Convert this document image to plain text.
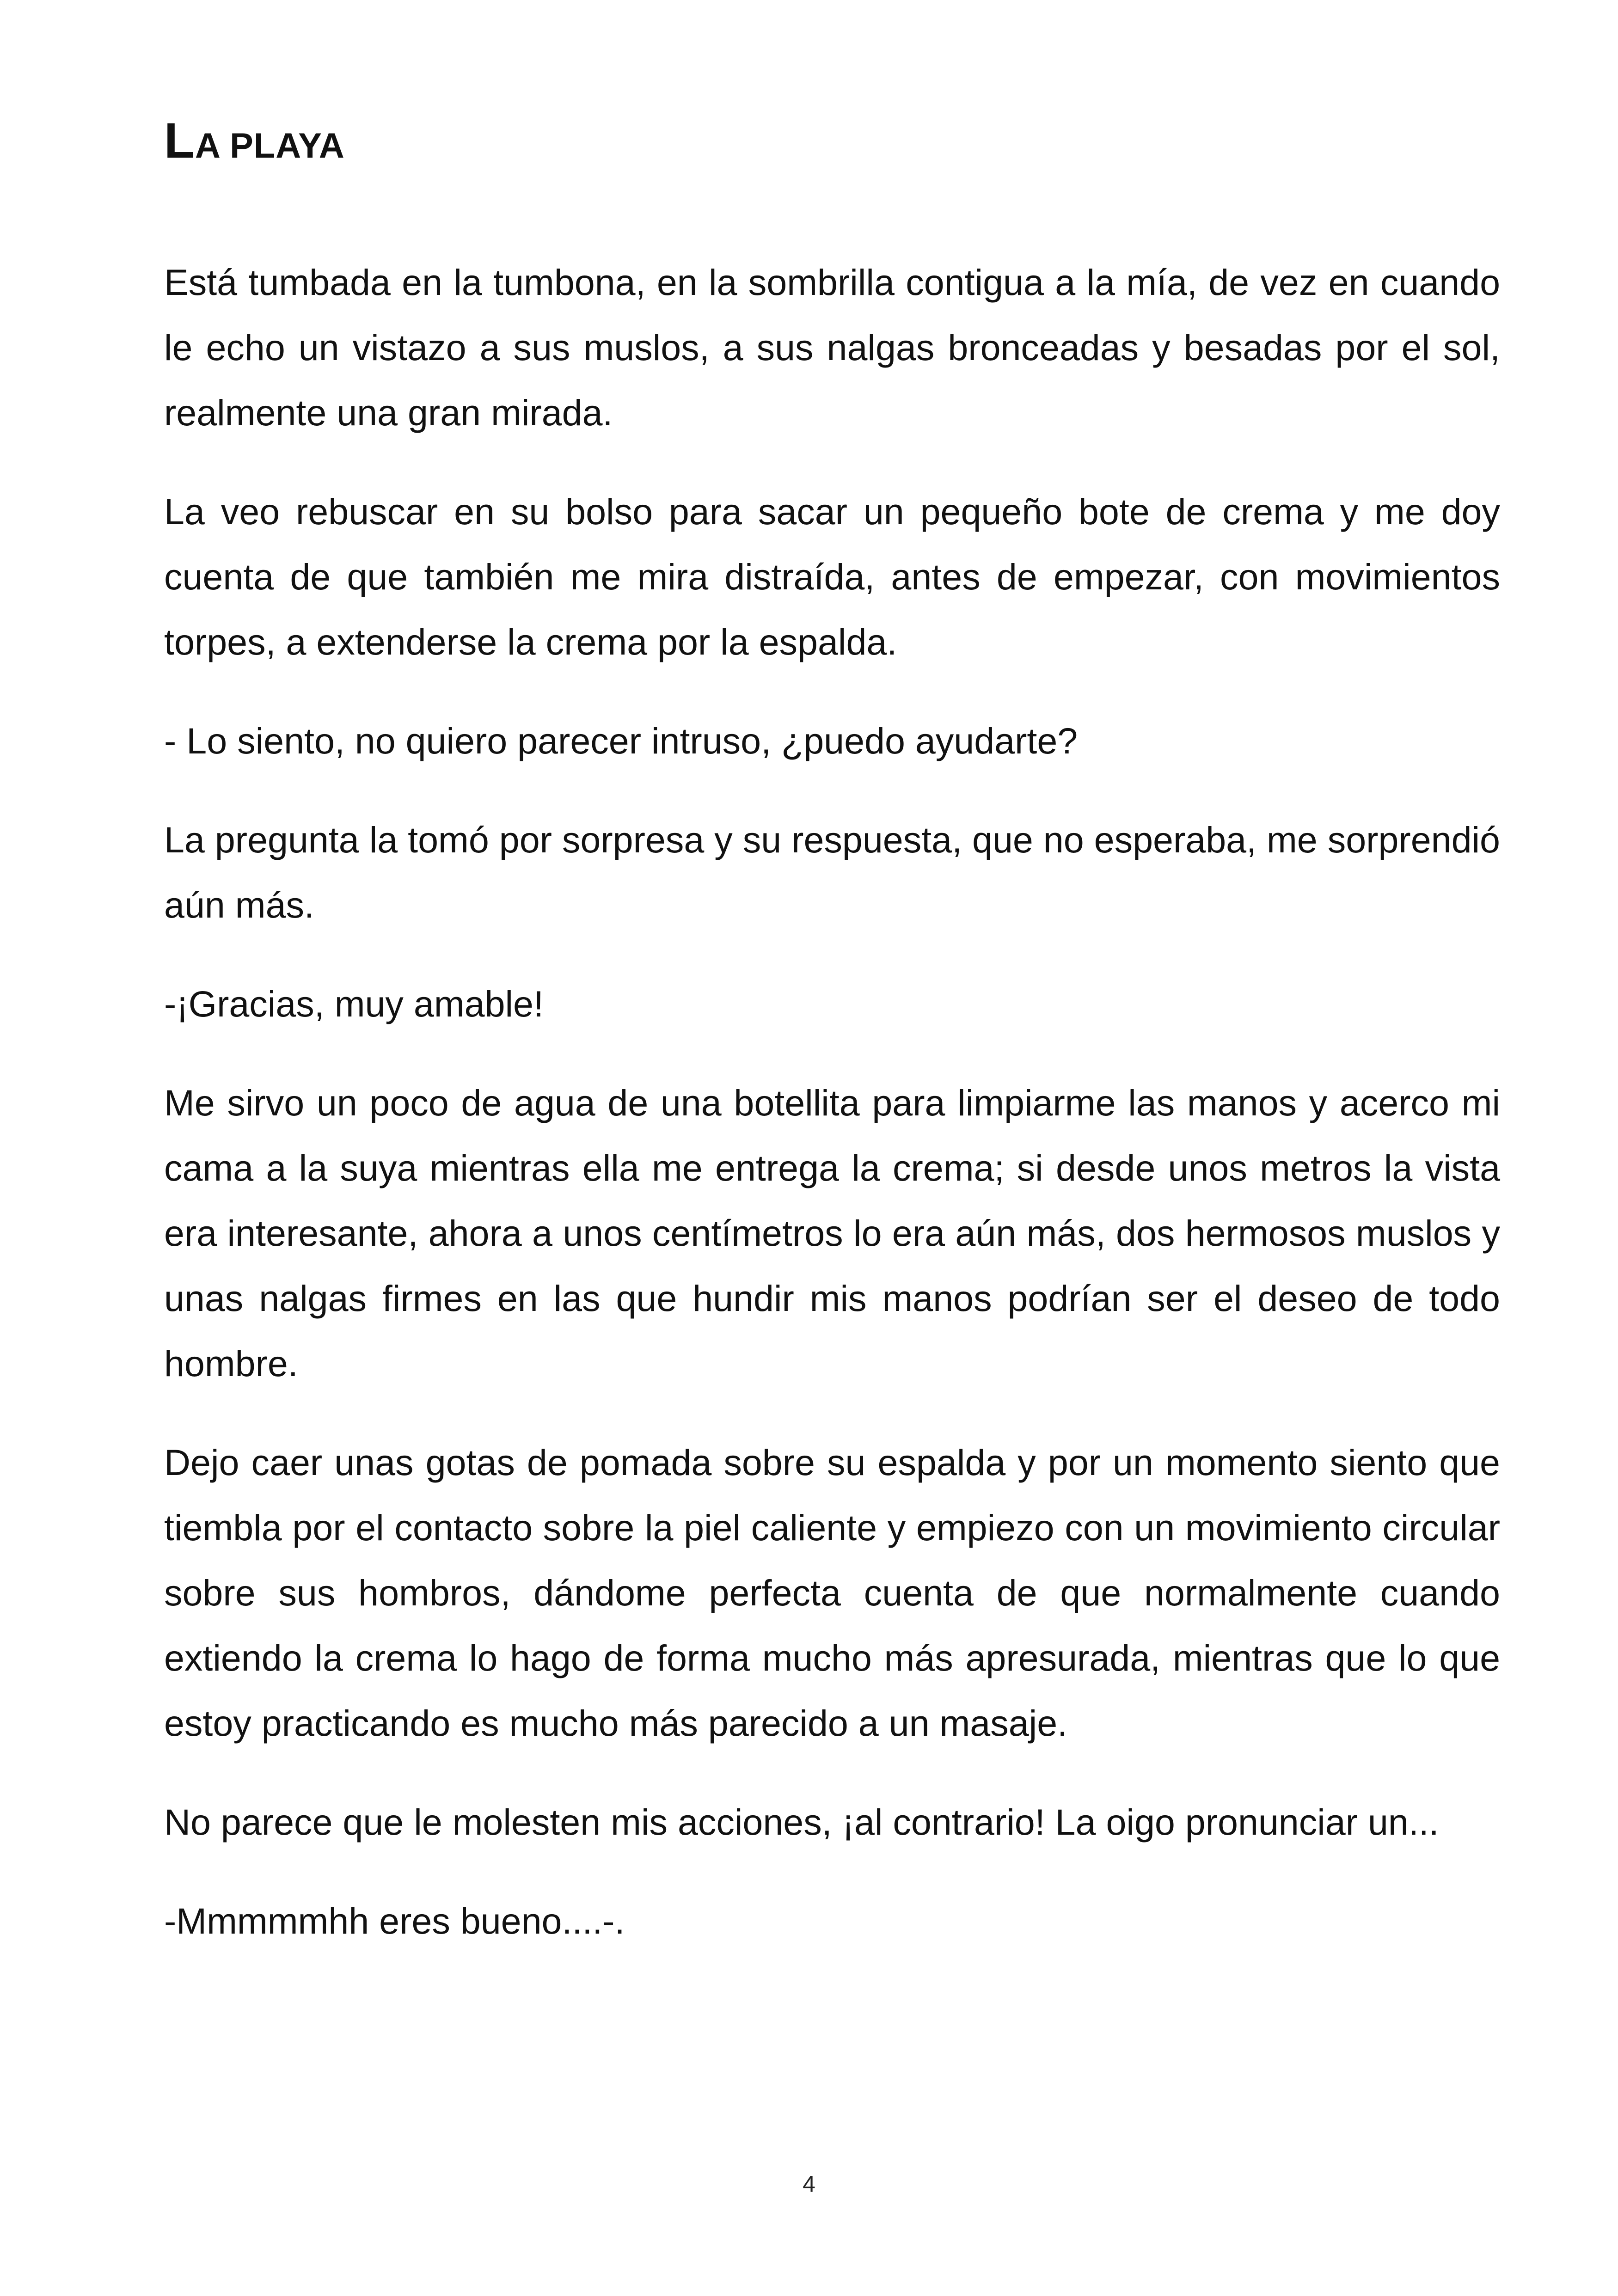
LA PLAYA

Está tumbada en la tumbona, en la sombrilla contigua a la mía, de vez en cuando le echo un vistazo a sus muslos, a sus nalgas bronceadas y besadas por el sol, realmente una gran mirada.

La veo rebuscar en su bolso para sacar un pequeño bote de crema y me doy cuenta de que también me mira distraída, antes de empezar, con movimientos torpes, a extenderse la crema por la espalda.

- Lo siento, no quiero parecer intruso, ¿puedo ayudarte?

La pregunta la tomó por sorpresa y su respuesta, que no esperaba, me sorprendió aún más.

-¡Gracias, muy amable!

Me sirvo un poco de agua de una botellita para limpiarme las manos y acerco mi cama a la suya mientras ella me entrega la crema; si desde unos metros la vista era interesante, ahora a unos centímetros lo era aún más, dos hermosos muslos y unas nalgas firmes en las que hundir mis manos podrían ser el deseo de todo hombre.

Dejo caer unas gotas de pomada sobre su espalda y por un momento siento que tiembla por el contacto sobre la piel caliente y empiezo con un movimiento circular sobre sus hombros, dándome perfecta cuenta de que normalmente cuando extiendo la crema lo hago de forma mucho más apresurada, mientras que lo que estoy practicando es mucho más parecido a un masaje.

No parece que le molesten mis acciones, ¡al contrario! La oigo pronunciar un...

-Mmmmmhh eres bueno....-.

4
